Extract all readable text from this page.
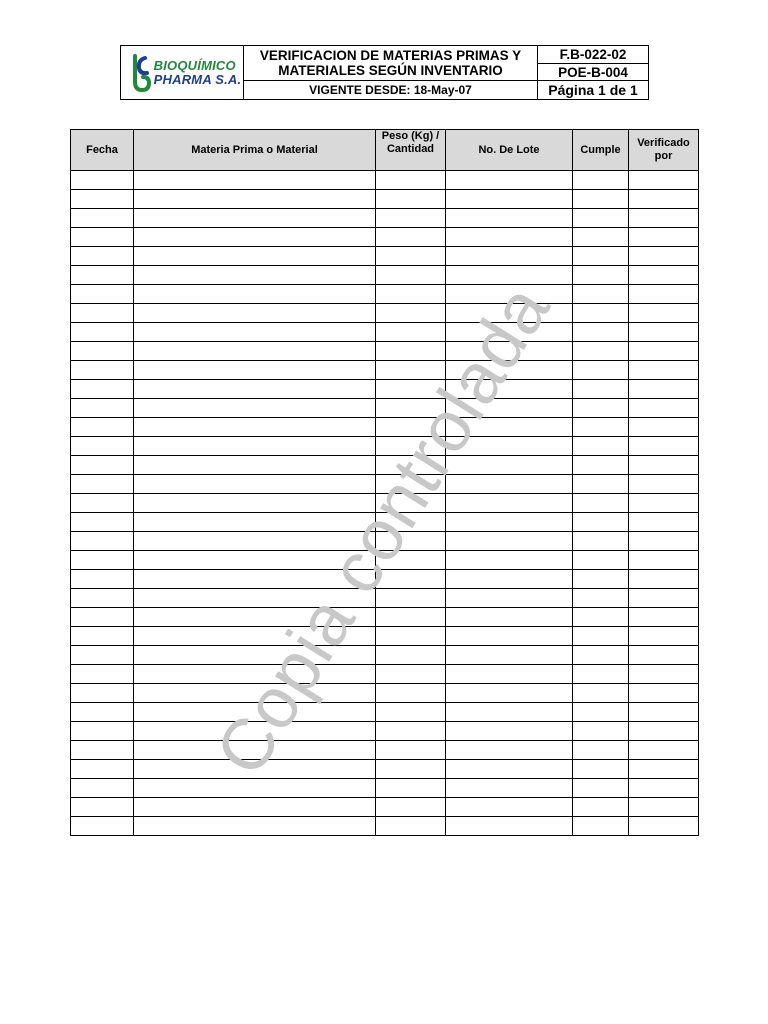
BIOQUÍMICO
PHARMA S.A.
VERIFICACION DE MATERIAS PRIMAS Y
MATERIALES SEGÚN INVENTARIO
VIGENTE DESDE: 18-May-07
F.B-022-02
POE-B-004
Página 1 de 1
Fecha	Materia Prima o Material	Peso (Kg) / Cantidad	No. De Lote	Cumple	Verificado por

Copia controlada
